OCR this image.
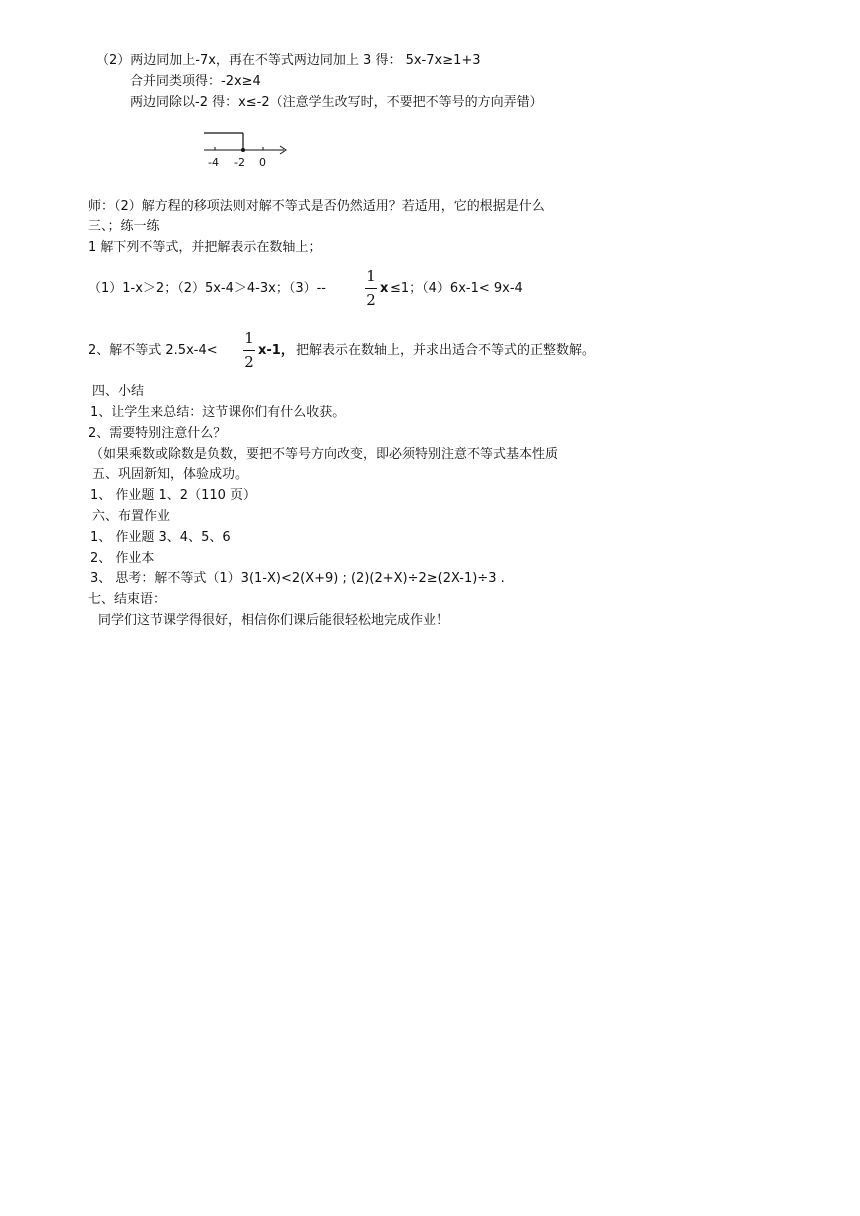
（2）两边同加上-7x，再在不等式两边同加上 3 得： 5x-7x≥1+3
合并同类项得：-2x≥4
两边同除以-2 得：x≤-2（注意学生改写时，不要把不等号的方向弄错）
-4 -2 0
师：（2）解方程的移项法则对解不等式是否仍然适用？若适用，它的根据是什么
三、；练一练
1 解下列不等式，并把解表示在数轴上；
（1）1-x＞2；（2）5x-4＞4-3x；（3）--
1
2
x ≤1；（4）6x-1< 9x-4
2、解不等式 2.5x-4<
1
2
x-1， 把解表示在数轴上，并求出适合不等式的正整数解。
四、小结
1、让学生来总结：这节课你们有什么收获。
2、需要特别注意什么？
（如果乘数或除数是负数，要把不等号方向改变，即必须特别注意不等式基本性质
五、巩固新知，体验成功。
1、 作业题 1、2（110 页）
六、布置作业
1、 作业题 3、4、5、6
2、 作业本
3、 思考：解不等式（1）3(1-X)<2(X+9) ; (2)(2+X)÷2≥(2X-1)÷3 .
七、结束语：
同学们这节课学得很好，相信你们课后能很轻松地完成作业！
